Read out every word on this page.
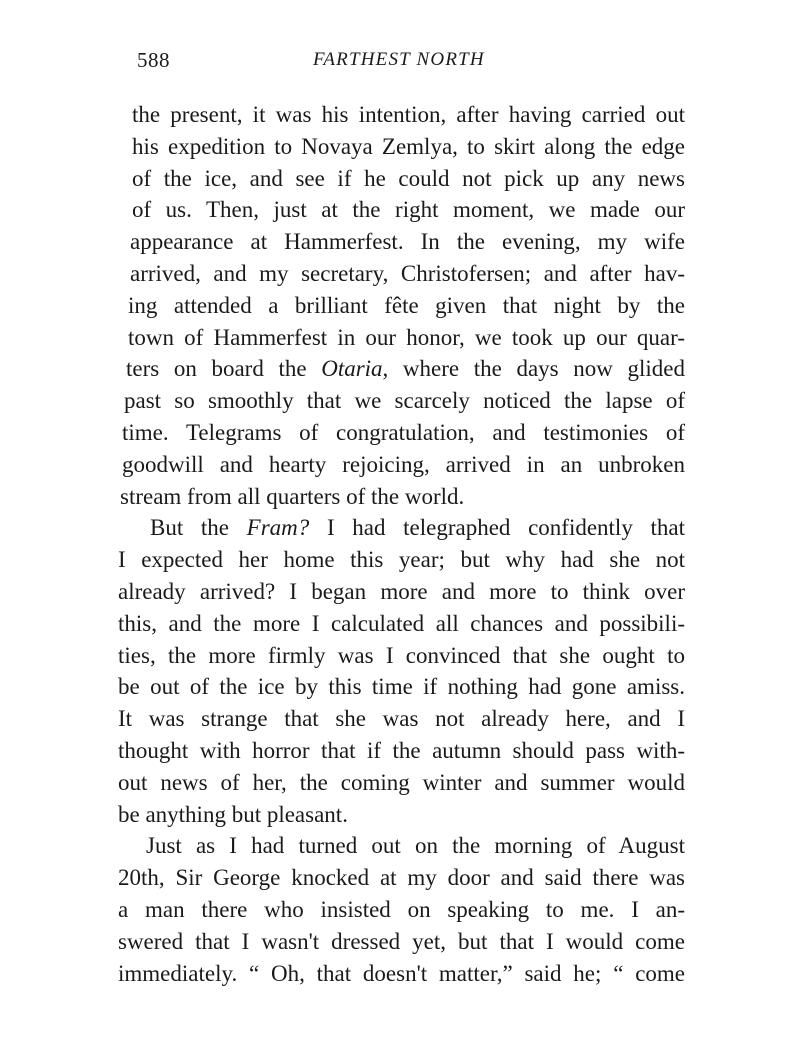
588	FARTHEST NORTH
the present, it was his intention, after having carried out
his expedition to Novaya Zemlya, to skirt along the edge
of the ice, and see if he could not pick up any news
of us. Then, just at the right moment, we made our
appearance at Hammerfest. In the evening, my wife
arrived, and my secretary, Christofersen; and after hav-
ing attended a brilliant fête given that night by the
town of Hammerfest in our honor, we took up our quar-
ters on board the Otaria, where the days now glided
past so smoothly that we scarcely noticed the lapse of
time. Telegrams of congratulation, and testimonies of
goodwill and hearty rejoicing, arrived in an unbroken
stream from all quarters of the world.
But the Fram? I had telegraphed confidently that
I expected her home this year; but why had she not
already arrived? I began more and more to think over
this, and the more I calculated all chances and possibili-
ties, the more firmly was I convinced that she ought to
be out of the ice by this time if nothing had gone amiss.
It was strange that she was not already here, and I
thought with horror that if the autumn should pass with-
out news of her, the coming winter and summer would
be anything but pleasant.
Just as I had turned out on the morning of August
20th, Sir George knocked at my door and said there was
a man there who insisted on speaking to me. I an-
swered that I wasn't dressed yet, but that I would come
immediately. “ Oh, that doesn't matter,” said he; “ come
